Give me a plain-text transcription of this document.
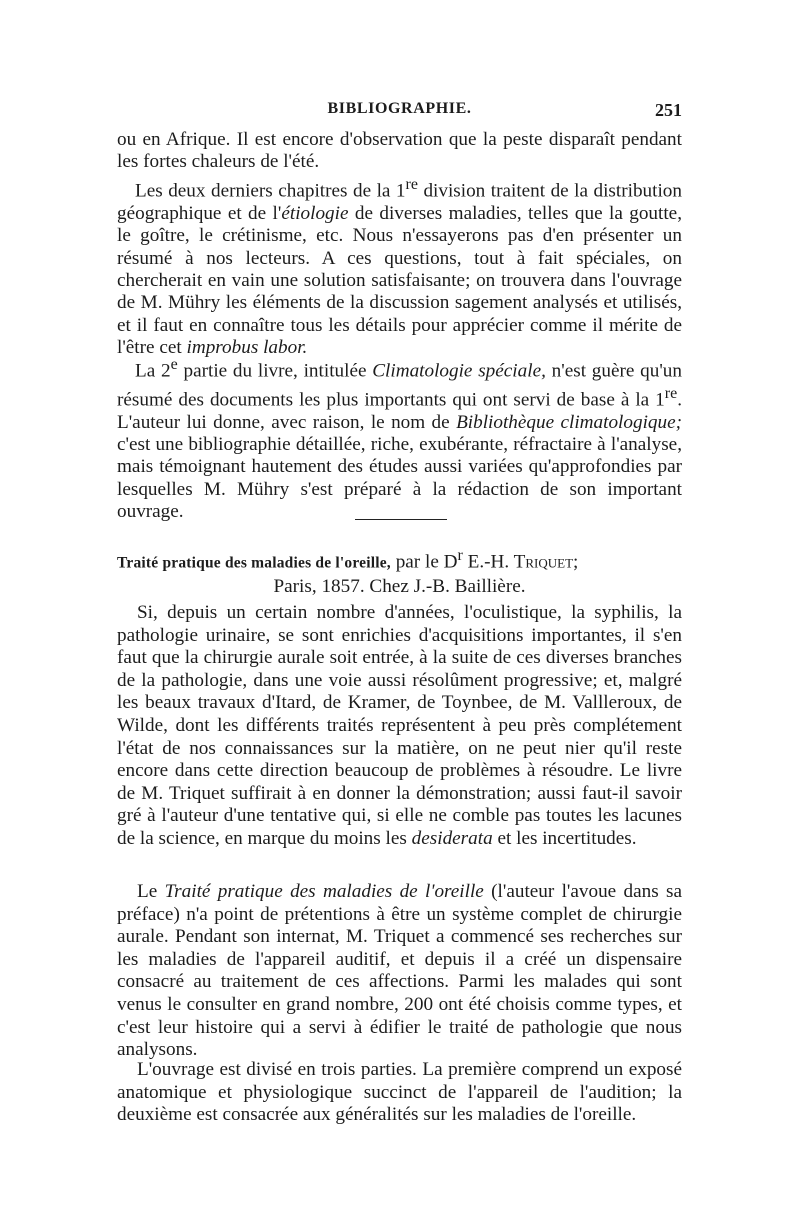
BIBLIOGRAPHIE.	251
ou en Afrique. Il est encore d'observation que la peste disparaît pendant les fortes chaleurs de l'été.
Les deux derniers chapitres de la 1re division traitent de la distribution géographique et de l'étiologie de diverses maladies, telles que la goutte, le goître, le crétinisme, etc. Nous n'essayerons pas d'en présenter un résumé à nos lecteurs. A ces questions, tout à fait spéciales, on chercherait en vain une solution satisfaisante; on trouvera dans l'ouvrage de M. Mühry les éléments de la discussion sagement analysés et utilisés, et il faut en connaître tous les détails pour apprécier comme il mérite de l'être cet improbus labor.
La 2e partie du livre, intitulée Climatologie spéciale, n'est guère qu'un résumé des documents les plus importants qui ont servi de base à la 1re. L'auteur lui donne, avec raison, le nom de Bibliothèque climatologique; c'est une bibliographie détaillée, riche, exubérante, réfractaire à l'analyse, mais témoignant hautement des études aussi variées qu'approfondies par lesquelles M. Mühry s'est préparé à la rédaction de son important ouvrage.
Traité pratique des maladies de l'oreille, par le $D^r$ E.-H. Triquet;
Paris, 1857. Chez J.-B. Baillière.
Si, depuis un certain nombre d'années, l'oculistique, la syphilis, la pathologie urinaire, se sont enrichies d'acquisitions importantes, il s'en faut que la chirurgie aurale soit entrée, à la suite de ces diverses branches de la pathologie, dans une voie aussi résolûment progressive; et, malgré les beaux travaux d'Itard, de Kramer, de Toynbee, de M. Vallleroux, de Wilde, dont les différents traités représentent à peu près complétement l'état de nos connaissances sur la matière, on ne peut nier qu'il reste encore dans cette direction beaucoup de problèmes à résoudre. Le livre de M. Triquet suffirait à en donner la démonstration; aussi faut-il savoir gré à l'auteur d'une tentative qui, si elle ne comble pas toutes les lacunes de la science, en marque du moins les desiderata et les incertitudes.
Le Traité pratique des maladies de l'oreille (l'auteur l'avoue dans sa préface) n'a point de prétentions à être un système complet de chirurgie aurale. Pendant son internat, M. Triquet a commencé ses recherches sur les maladies de l'appareil auditif, et depuis il a créé un dispensaire consacré au traitement de ces affections. Parmi les malades qui sont venus le consulter en grand nombre, 200 ont été choisis comme types, et c'est leur histoire qui a servi à édifier le traité de pathologie que nous analysons.
L'ouvrage est divisé en trois parties. La première comprend un exposé anatomique et physiologique succinct de l'appareil de l'audition; la deuxième est consacrée aux généralités sur les maladies de l'oreille.
